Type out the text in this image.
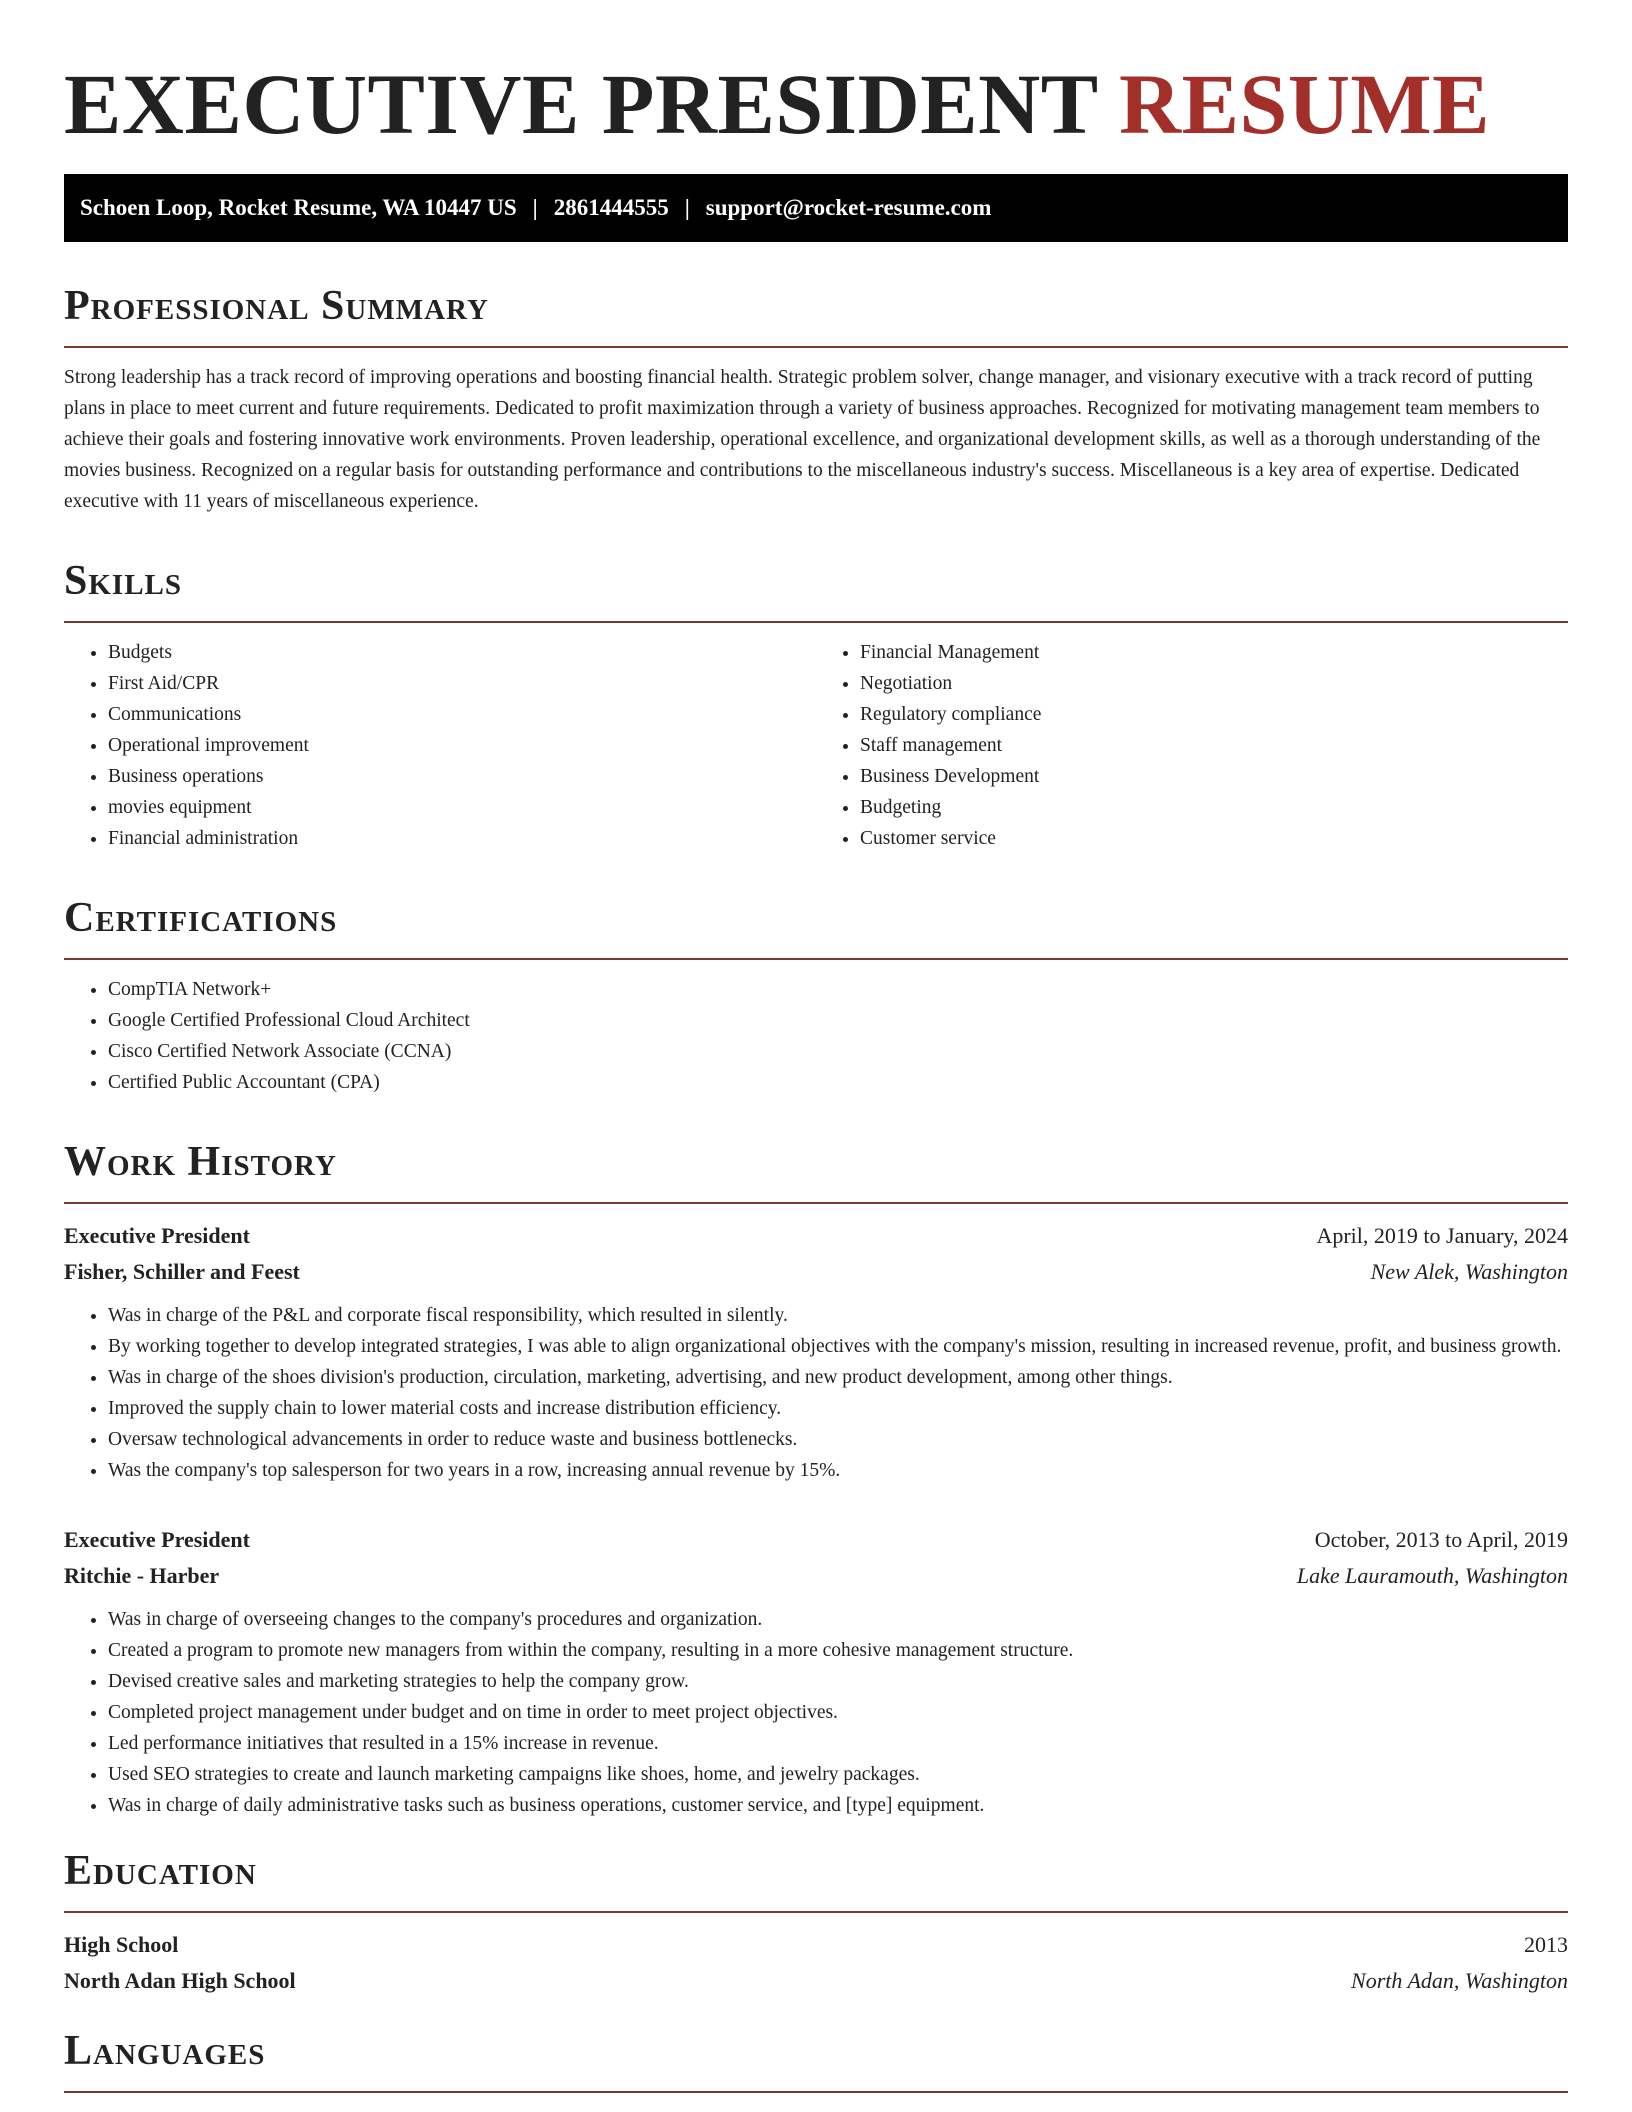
EXECUTIVE PRESIDENT RESUME
Schoen Loop, Rocket Resume, WA 10447 US | 2861444555 | support@rocket-resume.com
Professional Summary

Strong leadership has a track record of improving operations and boosting financial health. Strategic problem solver, change manager, and visionary executive with a track record of putting plans in place to meet current and future requirements. Dedicated to profit maximization through a variety of business approaches. Recognized for motivating management team members to achieve their goals and fostering innovative work environments. Proven leadership, operational excellence, and organizational development skills, as well as a thorough understanding of the movies business. Recognized on a regular basis for outstanding performance and contributions to the miscellaneous industry's success. Miscellaneous is a key area of expertise. Dedicated executive with 11 years of miscellaneous experience.

Skills
• Budgets
• First Aid/CPR
• Communications
• Operational improvement
• Business operations
• movies equipment
• Financial administration
• Financial Management
• Negotiation
• Regulatory compliance
• Staff management
• Business Development
• Budgeting
• Customer service
Certifications
• CompTIA Network+
• Google Certified Professional Cloud Architect
• Cisco Certified Network Associate (CCNA)
• Certified Public Accountant (CPA)
Work History
Executive President	April, 2019 to January, 2024
Fisher, Schiller and Feest	New Alek, Washington
• Was in charge of the P&L and corporate fiscal responsibility, which resulted in silently.
• By working together to develop integrated strategies, I was able to align organizational objectives with the company's mission, resulting in increased revenue, profit, and business growth.
• Was in charge of the shoes division's production, circulation, marketing, advertising, and new product development, among other things.
• Improved the supply chain to lower material costs and increase distribution efficiency.
• Oversaw technological advancements in order to reduce waste and business bottlenecks.
• Was the company's top salesperson for two years in a row, increasing annual revenue by 15%.
Executive President	October, 2013 to April, 2019
Ritchie - Harber	Lake Lauramouth, Washington
• Was in charge of overseeing changes to the company's procedures and organization.
• Created a program to promote new managers from within the company, resulting in a more cohesive management structure.
• Devised creative sales and marketing strategies to help the company grow.
• Completed project management under budget and on time in order to meet project objectives.
• Led performance initiatives that resulted in a 15% increase in revenue.
• Used SEO strategies to create and launch marketing campaigns like shoes, home, and jewelry packages.
• Was in charge of daily administrative tasks such as business operations, customer service, and [type] equipment.
Education
High School	2013
North Adan High School	North Adan, Washington
Languages
